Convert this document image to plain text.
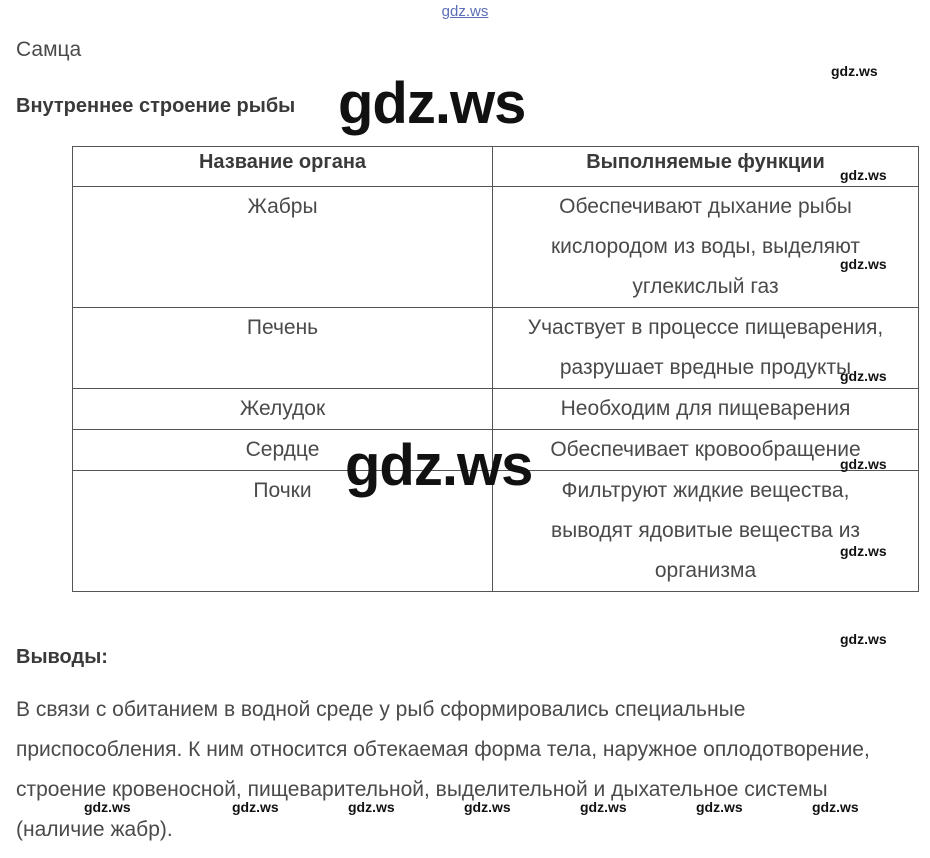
gdz.ws
Самца
Внутреннее строение рыбы
Название органа	Выполняемые функции
Жабры	Обеспечивают дыхание рыбы кислородом из воды, выделяют углекислый газ
Печень	Участвует в процессе пищеварения, разрушает вредные продукты
Желудок	Необходим для пищеварения
Сердце	Обеспечивает кровообращение
Почки	Фильтруют жидкие вещества, выводят ядовитые вещества из организма
Выводы:
В связи с обитанием в водной среде у рыб сформировались специальные приспособления. К ним относится обтекаемая форма тела, наружное оплодотворение, строение кровеносной, пищеварительной, выделительной и дыхательное системы (наличие жабр).
gdz.ws
gdz.ws
gdz.ws
gdz.ws
gdz.ws
gdz.ws
gdz.ws
gdz.ws
gdz.ws
gdz.ws	gdz.ws	gdz.ws	gdz.ws	gdz.ws	gdz.ws	gdz.ws
